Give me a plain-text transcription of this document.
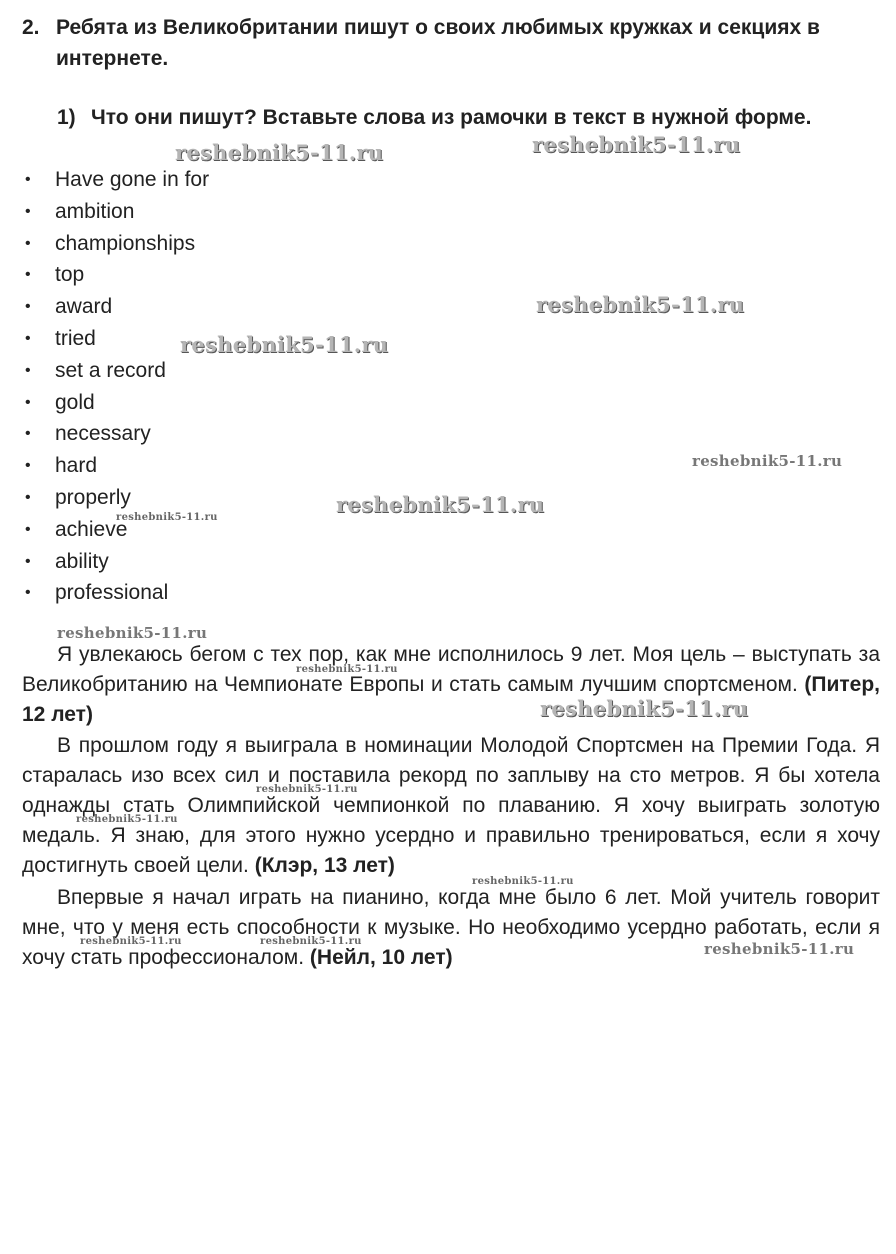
2. Ребята из Великобритании пишут о своих любимых кружках и секциях в интернете.
1) Что они пишут? Вставьте слова из рамочки в текст в нужной форме.
• Have gone in for
• ambition
• championships
• top
• award
• tried
• set a record
• gold
• necessary
• hard
• properly
• achieve
• ability
• professional

Я увлекаюсь бегом с тех пор, как мне исполнилось 9 лет. Моя цель – выступать за Великобританию на Чемпионате Европы и стать самым лучшим спортсменом. (Питер, 12 лет)

В прошлом году я выиграла в номинации Молодой Спортсмен на Премии Года. Я старалась изо всех сил и поставила рекорд по заплыву на сто метров. Я бы хотела однажды стать Олимпийской чемпионкой по плаванию. Я хочу выиграть золотую медаль. Я знаю, для этого нужно усердно и правильно тренироваться, если я хочу достигнуть своей цели. (Клэр, 13 лет)

Впервые я начал играть на пианино, когда мне было 6 лет. Мой учитель говорит мне, что у меня есть способности к музыке. Но необходимо усердно работать, если я хочу стать профессионалом. (Нейл, 10 лет)

reshebnik5-11.ru	reshebnik5-11.ru
reshebnik5-11.ru
reshebnik5-11.ru
reshebnik5-11.ru
reshebnik5-11.ru
reshebnik5-11.ru
reshebnik5-11.ru
reshebnik5-11.ru
reshebnik5-11.ru
reshebnik5-11.ru
reshebnik5-11.ru
reshebnik5-11.ru
reshebnik5-11.ru	reshebnik5-11.ru	reshebnik5-11.ru
